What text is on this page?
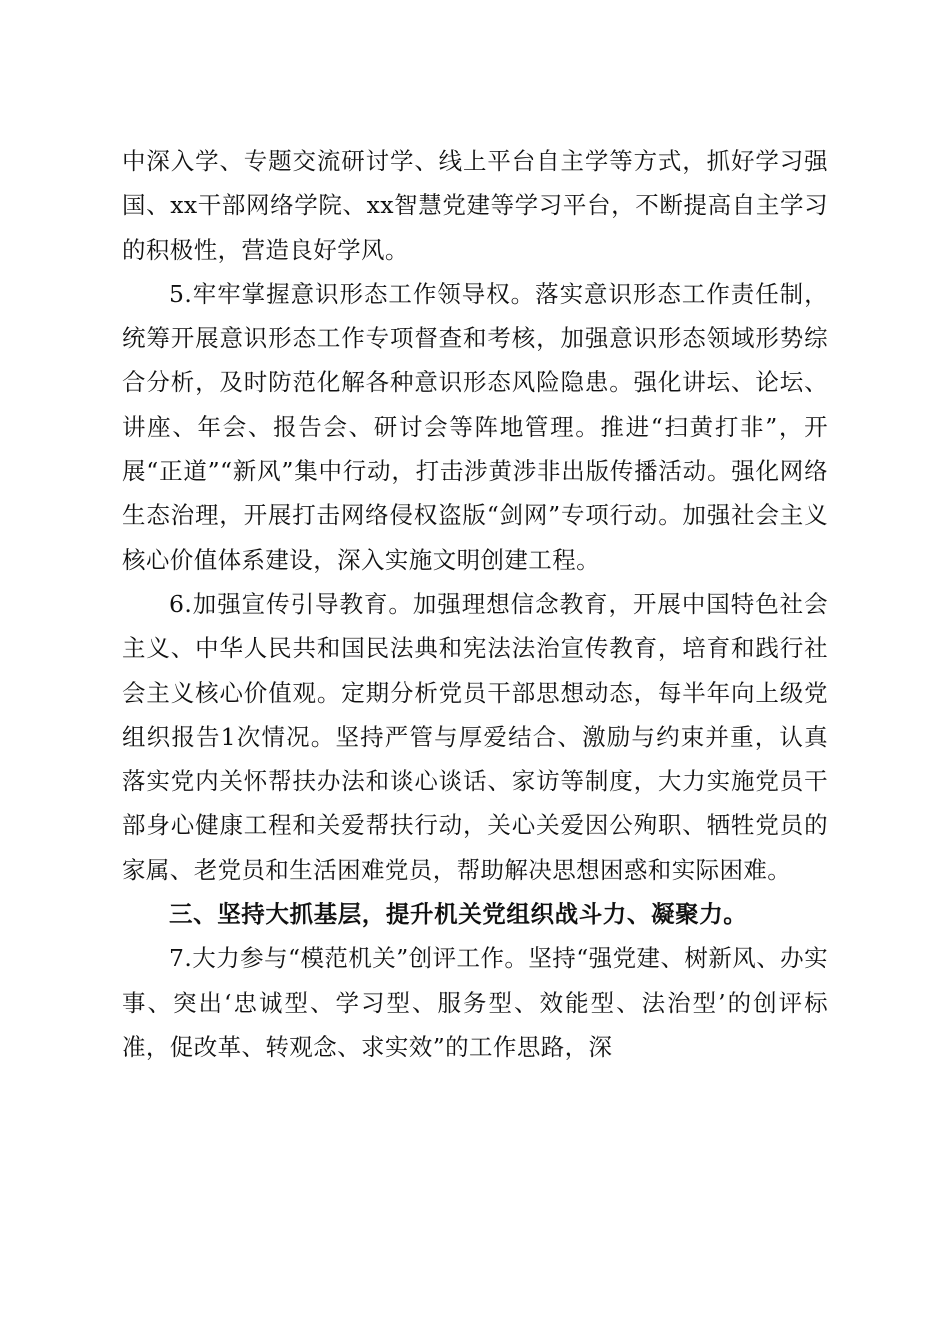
中深入学、专题交流研讨学、线上平台自主学等方式，抓好学习强国、xx干部网络学院、xx智慧党建等学习平台，不断提高自主学习的积极性，营造良好学风。

5.牢牢掌握意识形态工作领导权。落实意识形态工作责任制，统筹开展意识形态工作专项督查和考核，加强意识形态领域形势综合分析，及时防范化解各种意识形态风险隐患。强化讲坛、论坛、讲座、年会、报告会、研讨会等阵地管理。推进“扫黄打非”，开展“正道”“新风”集中行动，打击涉黄涉非出版传播活动。强化网络生态治理，开展打击网络侵权盗版“剑网”专项行动。加强社会主义核心价值体系建设，深入实施文明创建工程。

6.加强宣传引导教育。加强理想信念教育，开展中国特色社会主义、中华人民共和国民法典和宪法法治宣传教育，培育和践行社会主义核心价值观。定期分析党员干部思想动态，每半年向上级党组织报告1次情况。坚持严管与厚爱结合、激励与约束并重，认真落实党内关怀帮扶办法和谈心谈话、家访等制度，大力实施党员干部身心健康工程和关爱帮扶行动，关心关爱因公殉职、牺牲党员的家属、老党员和生活困难党员，帮助解决思想困惑和实际困难。

三、坚持大抓基层，提升机关党组织战斗力、凝聚力。

7.大力参与“模范机关”创评工作。坚持“强党建、树新风、办实事、突出‘忠诚型、学习型、服务型、效能型、法治型’的创评标准，促改革、转观念、求实效”的工作思路，深
